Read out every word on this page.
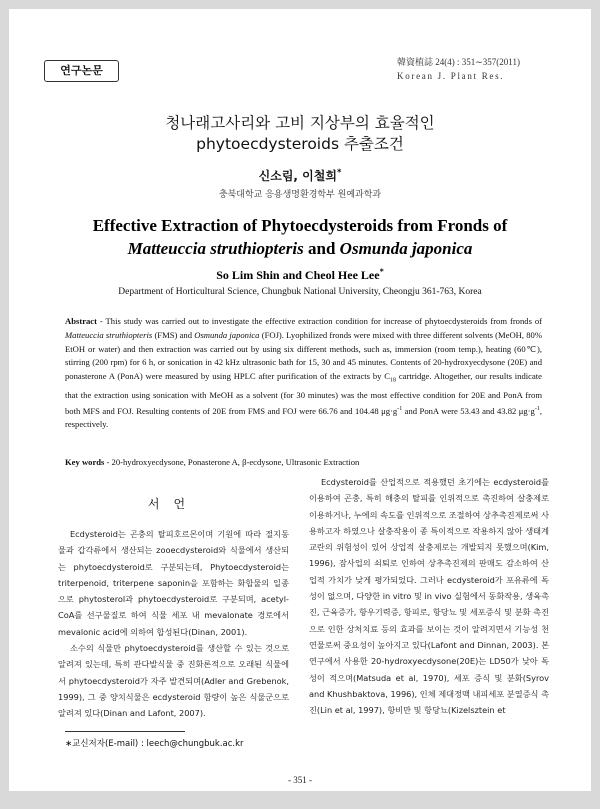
연구논문
韓資植誌 24(4) : 351∼357(2011)
Korean J. Plant Res.
청나래고사리와 고비 지상부의 효율적인
phytoecdysteroids 추출조건
신소림, 이철희*
충북대학교 응용생명환경학부 원예과학과
Effective Extraction of Phytoecdysteroids from Fronds of
Matteuccia struthiopteris and Osmunda japonica
So Lim Shin and Cheol Hee Lee*
Department of Horticultural Science, Chungbuk National University, Cheongju 361-763, Korea
Abstract - This study was carried out to investigate the effective extraction condition for increase of phytoecdysteroids from fronds of Matteuccia struthiopteris (FMS) and Osmunda japonica (FOJ). Lyophilized fronds were mixed with three different solvents (MeOH, 80% EtOH or water) and then extraction was carried out by using six different methods, such as, immersion (room temp.), heating (60℃), stirring (200 rpm) for 6 h, or sonication in 42 kHz ultrasonic bath for 15, 30 and 45 minutes. Contents of 20-hydroxyecdysone (20E) and ponasterone A (PonA) were measured by using HPLC after purification of the extracts by $C_{18}$ cartridge. Altogether, our results indicate that the extraction using sonication with MeOH as a solvent (for 30 minutes) was the most effective condition for 20E and PonA from both MFS and FOJ. Resulting contents of 20E from FMS and FOJ were 66.76 and 104.48 $\mu g\cdot g^{-1}$ and PonA were 53.43 and 43.82 $\mu g\cdot g^{-1}$, respectively.
Key words - 20-hydroxyecdysone, Ponasterone A, β-ecdysone, Ultrasonic Extraction
서언

Ecdysteroid는 곤충의 탈피호르몬이며 기원에 따라 절지동물과 갑각류에서 생산되는 zooecdysteroid와 식물에서 생산되는 phytoecdysteroid로 구분되는데, Phytoecdysteroid는 triterpenoid, triterpene saponin을 포함하는 화합물의 일종으로 phytosterol과 phytoecdysteroid로 구분되며, acetyl-CoA를 선구물질로 하여 식물 세포 내 mevalonate 경로에서 mevalonic acid에 의하여 합성된다(Dinan, 2001).

소수의 식물만 phytoecdysteroid를 생산할 수 있는 것으로 알려져 있는데, 특히 관다발식물 중 진화론적으로 오래된 식물에서 phytoecdysteroid가 자주 발견되며(Adler and Grebenok, 1999), 그 중 양치식물은 ecdysteroid 함량이 높은 식물군으로 알려져 있다(Dinan and Lafont, 2007).

Ecdysteroid를 산업적으로 적용했던 초기에는 ecdysteroid를 이용하여 곤충, 특히 해충의 탈피를 인위적으로 촉진하여 살충제로 이용하거나, 누에의 속도를 인위적으로 조절하여 상추촉진제로써 사용하고자 하였으나 살충작용이 종 특이적으로 작용하지 않아 생태계 교란의 위험성이 있어 상업적 살충제로는 개발되지 못했으며(Kim, 1996), 잠사업의 쇠퇴로 인하여 상추촉진제의 판매도 감소하여 산업적 가치가 낮게 평가되었다. 그러나 ecdysteroid가 포유류에 독성이 없으며, 다양한 in vitro 및 in vivo 실험에서 동화작용, 생육촉진, 근육증가, 항우기력증, 항피로, 항당뇨 및 세포증식 및 분화 촉진으로 인한 상처치료 등의 효과를 보이는 것이 알려지면서 기능성 천연물로써 중요성이 높아지고 있다(Lafont and Dinnan, 2003). 본 연구에서 사용한 20-hydroxyecdysone(20E)는 LD50가 낮아 독성이 적으며(Matsuda et al, 1970), 세포 증식 및 분화(Syrov and Khushbaktova, 1996), 인체 제대정맥 내피세포 분열증식 촉진(Lin et al, 1997), 항비만 및 항당뇨(Kizelsztein et

∗교신저자(E-mail) : leech@chungbuk.ac.kr
- 351 -
